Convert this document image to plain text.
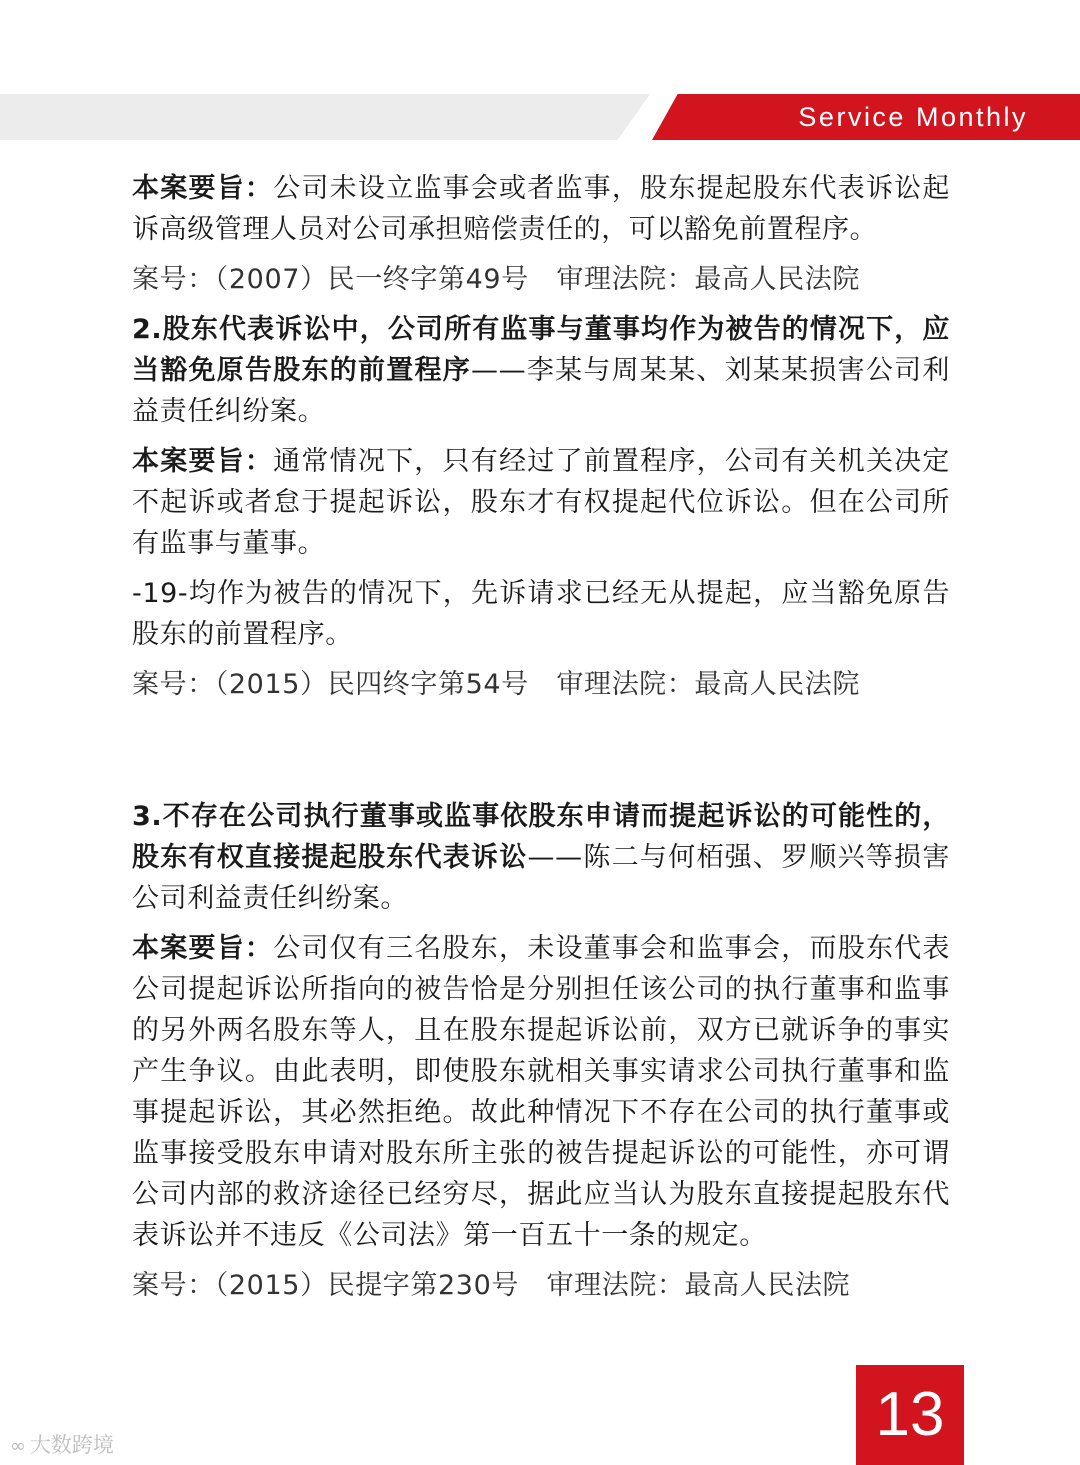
Service Monthly

本案要旨：公司未设立监事会或者监事，股东提起股东代表诉讼起诉高级管理人员对公司承担赔偿责任的，可以豁免前置程序。

案号：（2007）民一终字第49号　审理法院：最高人民法院

2.股东代表诉讼中，公司所有监事与董事均作为被告的情况下，应当豁免原告股东的前置程序——李某与周某某、刘某某损害公司利益责任纠纷案。

本案要旨：通常情况下，只有经过了前置程序，公司有关机关决定不起诉或者怠于提起诉讼，股东才有权提起代位诉讼。但在公司所有监事与董事。

-19-均作为被告的情况下，先诉请求已经无从提起，应当豁免原告股东的前置程序。

案号：（2015）民四终字第54号　审理法院：最高人民法院

3.不存在公司执行董事或监事依股东申请而提起诉讼的可能性的，股东有权直接提起股东代表诉讼——陈二与何栢强、罗顺兴等损害公司利益责任纠纷案。

本案要旨：公司仅有三名股东，未设董事会和监事会，而股东代表公司提起诉讼所指向的被告恰是分别担任该公司的执行董事和监事的另外两名股东等人，且在股东提起诉讼前，双方已就诉争的事实产生争议。由此表明，即使股东就相关事实请求公司执行董事和监事提起诉讼，其必然拒绝。故此种情况下不存在公司的执行董事或监事接受股东申请对股东所主张的被告提起诉讼的可能性，亦可谓公司内部的救济途径已经穷尽，据此应当认为股东直接提起股东代表诉讼并不违反《公司法》第一百五十一条的规定。

案号：（2015）民提字第230号　审理法院：最高人民法院

13
∞ 大数跨境
